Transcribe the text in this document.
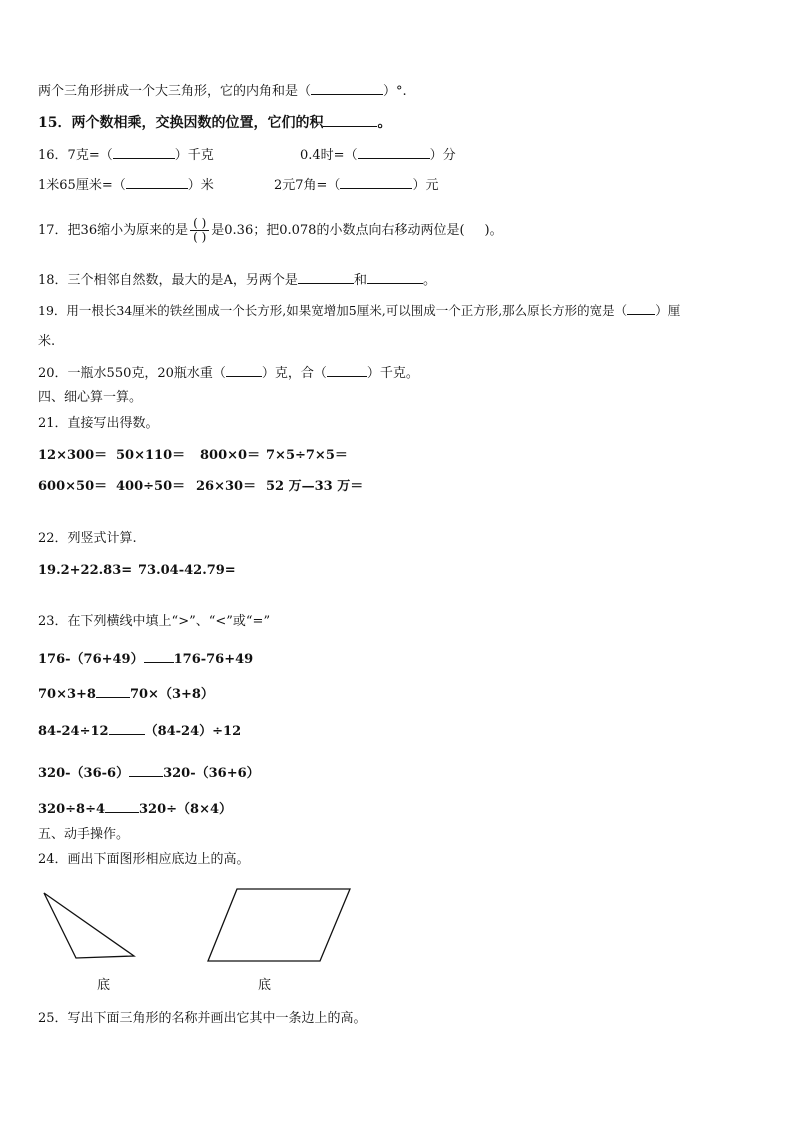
两个三角形拼成一个大三角形，它的内角和是（	）°.
15．两个数相乘，交换因数的位置，它们的积	。
16．7克=（	）千克	0.4时=（	）分
1米65厘米=（	）米	2元7角=（	）元
17．把36缩小为原来的是 $\frac{( )}{( )}$ 是0.36；把0.078的小数点向右移动两位是( )。
18．三个相邻自然数，最大的是A，另两个是	和	。
19．用一根长34厘米的铁丝围成一个长方形,如果宽增加5厘米,可以围成一个正方形,那么原长方形的宽是（ ）厘
米.
20．一瓶水550克，20瓶水重（	）克，合（	）千克。
四、细心算一算。
21．直接写出得数。
12×300＝ 50×110＝ 800×0＝ 7×5÷7×5＝
600×50＝ 400÷50＝ 26×30＝ 52 万—33 万＝
22．列竖式计算.
19.2+22.83= 73.04-42.79=
23．在下列横线中填上“>”、“<”或“=”
176-（76+49） 176-76+49
70×3+8	70×（3+8）
84-24÷12	（84-24）÷12
320-（36-6）	320-（36+6）
320÷8÷4	320÷（8×4）
五、动手操作。
24．画出下面图形相应底边上的高。
底	底
25．写出下面三角形的名称并画出它其中一条边上的高。
